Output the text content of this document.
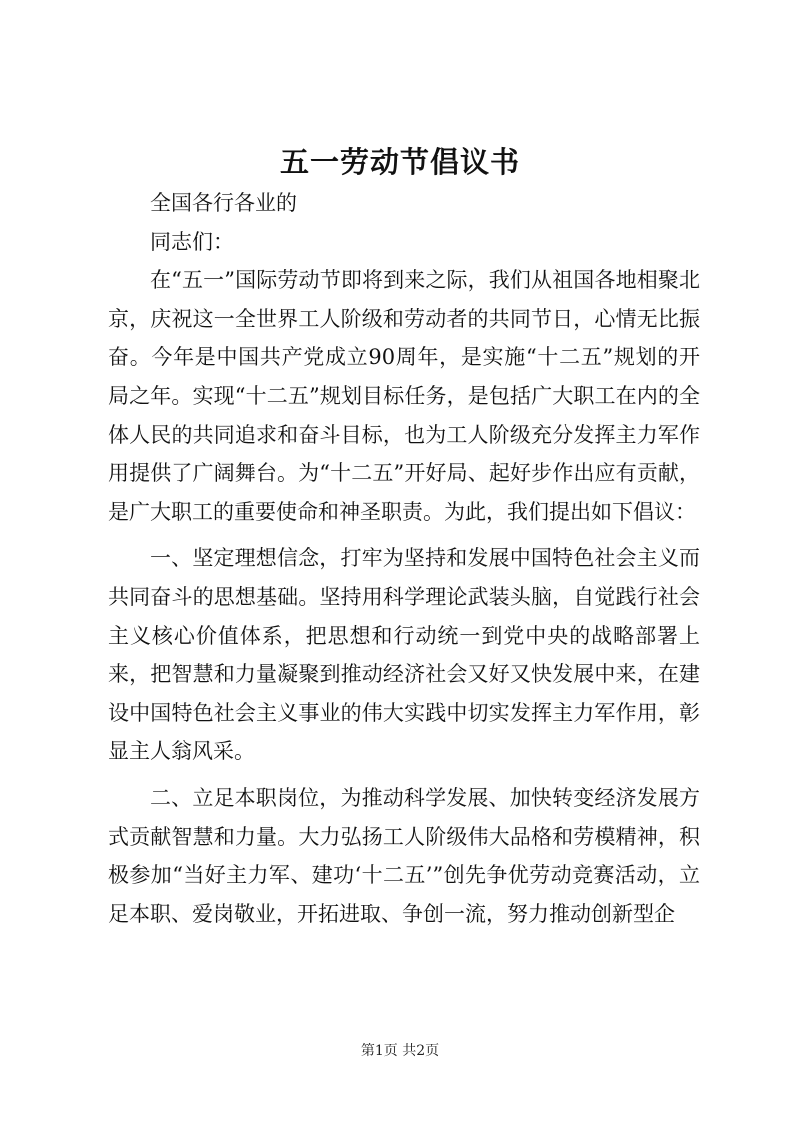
五一劳动节倡议书

全国各行各业的

同志们：

在“五一”国际劳动节即将到来之际，我们从祖国各地相聚北京，庆祝这一全世界工人阶级和劳动者的共同节日，心情无比振奋。今年是中国共产党成立90周年，是实施“十二五”规划的开局之年。实现“十二五”规划目标任务，是包括广大职工在内的全体人民的共同追求和奋斗目标，也为工人阶级充分发挥主力军作用提供了广阔舞台。为“十二五”开好局、起好步作出应有贡献，是广大职工的重要使命和神圣职责。为此，我们提出如下倡议：

一、坚定理想信念，打牢为坚持和发展中国特色社会主义而共同奋斗的思想基础。坚持用科学理论武装头脑，自觉践行社会主义核心价值体系，把思想和行动统一到党中央的战略部署上来，把智慧和力量凝聚到推动经济社会又好又快发展中来，在建设中国特色社会主义事业的伟大实践中切实发挥主力军作用，彰显主人翁风采。

二、立足本职岗位，为推动科学发展、加快转变经济发展方式贡献智慧和力量。大力弘扬工人阶级伟大品格和劳模精神，积极参加“当好主力军、建功‘十二五’”创先争优劳动竞赛活动，立足本职、爱岗敬业，开拓进取、争创一流，努力推动创新型企

第1页 共2页
